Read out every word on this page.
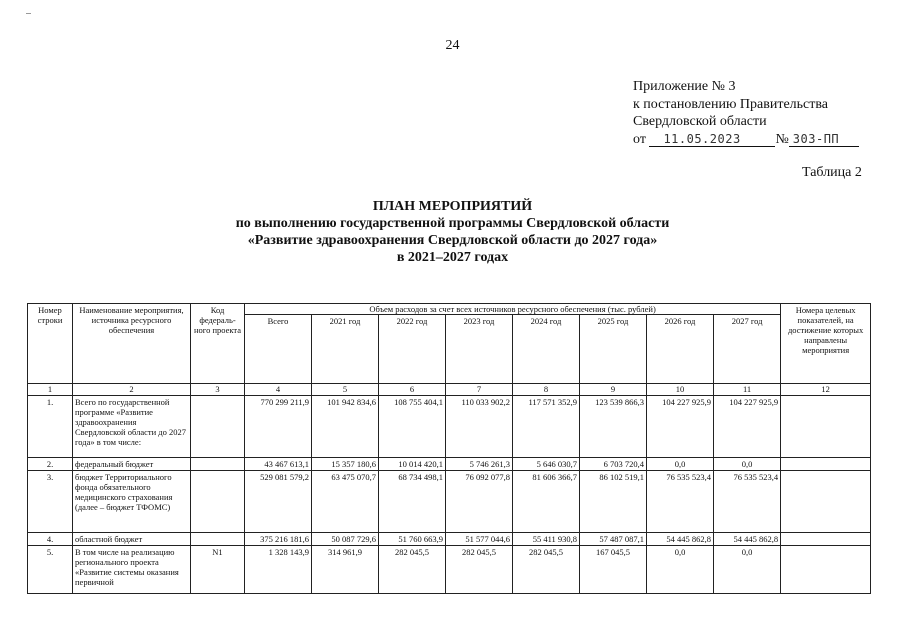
24
Приложение № 3
к постановлению Правительства
Свердловской области
от 11.05.2023 № 303-ПП
Таблица 2
ПЛАН МЕРОПРИЯТИЙ
по выполнению государственной программы Свердловской области
«Развитие здравоохранения Свердловской области до 2027 года»
в 2021–2027 годах
Номер строки	Наименование мероприятия, источника ресурсного обеспечения	Код федераль-ного проекта	Объем расходов за счет всех источников ресурсного обеспечения (тыс. рублей)								Номера целевых показателей, на достижение которых направлены мероприятия
			Всего	2021 год	2022 год	2023 год	2024 год	2025 год	2026 год	2027 год	
1	2	3	4	5	6	7	8	9	10	11	12
1.	Всего по государственной программе «Развитие здравоохранения Свердловской области до 2027 года» в том числе:		770 299 211,9	101 942 834,6	108 755 404,1	110 033 902,2	117 571 352,9	123 539 866,3	104 227 925,9	104 227 925,9	
2.	федеральный бюджет		43 467 613,1	15 357 180,6	10 014 420,1	5 746 261,3	5 646 030,7	6 703 720,4	0,0	0,0	
3.	бюджет Территориального фонда обязательного медицинского страхования (далее – бюджет ТФОМС)		529 081 579,2	63 475 070,7	68 734 498,1	76 092 077,8	81 606 366,7	86 102 519,1	76 535 523,4	76 535 523,4	
4.	областной бюджет		375 216 181,6	50 087 729,6	51 760 663,9	51 577 044,6	55 411 930,8	57 487 087,1	54 445 862,8	54 445 862,8	
5.	В том числе на реализацию регионального проекта «Развитие системы оказания первичной	N1	1 328 143,9	314 961,9	282 045,5	282 045,5	282 045,5	167 045,5	0,0	0,0	
